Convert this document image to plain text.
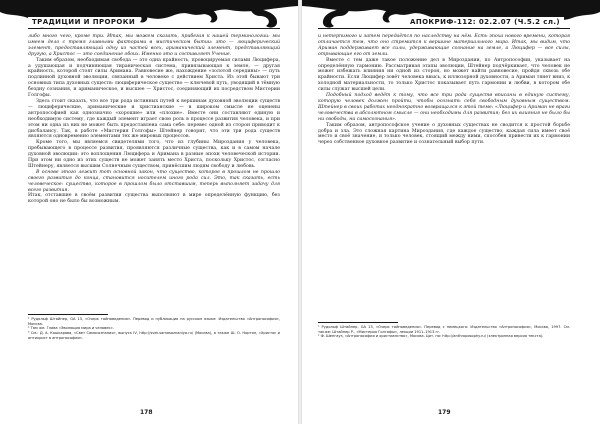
ТРАДИЦИИ И ПРОРОКИ

либо много чего, кроме три. Итак, мы можем сказать, прибегая к нашей терминологии: мы имеем дело с тремя главными факторами в мистическом бытии: это — люциферический элемент, предоставляющий одну из частей всех, ариманический элемент, представляющий другую, а Христос — это соединение обоих. Именно это и составляет Учение.

Таким образом, необходимая свобода — это одна крайность, провоцируемая силами Люцифера, а удушающая и подчиняющая тираническая система, привязывающая к земле, — другая крайность, которой стоят силы Аримана. Равновесие же, нахождение «золотой середины» — путь подлинной духовной эволюции, связанный в человеке с действием Христа. Из этой бывают три основных типа духовных существ: люциферическое существо — ключевой путь, уводящий в тёмную бездну сознания, и ариманическое, и высшее — Христос, соединяющий их посредством Мистерии Голгофы.

Здесь стоит сказать, что все три рода истинных путей к вершинам духовной эволюции существ — люциферические, ариманические и христианские — в широком смысле не оценены антропософией как однозначно «хорошие» или «плохие». Вместе они составляют единую и необходимую систему, где каждый элемент играет свою роль в процессе развития человека, и при этом ни одна из них не может быть предоставлена сама себе: перевес одной из сторон приводит к дисбалансу. Так, в работе «Мистерия Голгофы» Штейнер говорит, что эти три рода существ являются одновременно элементами тех же мировых процессов.

Кроме того, мы являемся свидетелями того, что из глубины Мироздания у человека, пребывающего в процессе развития, проявляются различные существа, как и в самом начале духовной эволюции: это воплощения Люцифера и Аримана в разные эпохи человеческой истории. При этом ни одно из этих существ не может занять место Христа, поскольку Христос, согласно Штейнеру, является высшим Солнечным существом, принёсшим людям свободу и любовь.

В основе этого лежит тот основной закон, что существо, которое в прошлом не прошло своего развития до конца, становится носителем иного рода сил. Это, так сказать, есть человеческое: существо, которое в прошлом было отставшим, теперь выполняет задачу для всего развития.

Итак, отставшие в своём развитии существа выполняют в мире определённую функцию, без которой оно не было бы возможным.

¹ Рудольф Штайнер, GA 13, «Очерк тайноведения». Перевод и публикация на русском языке: Издательство «Антропософия», Москва.

² Там же. Глава «Эволюция мира и человек».

³ См.: Д. А. Кошкарова, «Свет Самосознания», выпуск IV, http://svet-samosoznaniya.ru/ (Москва), а также Ш. О. Нортон, «Христос и антихрист в антропософии».

178
АПОКРИФ-112: 02.2.07 (Ч.5.2 сл.)

и нетерпимого и затем передаётся по наследству на нём. Есть эпоха нового времени, которая отличается тем, что оно стремится к вершине материального мира. Итак, мы видим, что Ариман поддерживает все силы, удерживающие сознание на земле, а Люцифер — все силы, отрывающие его от земли.

Вместе с тем даже такое положение дел в Мироздании, по Антропософии, указывает на определённую гармонию. Рассматривая этапы эволюции, Штейнер подчёркивает, что человек не может избежать влияния ни одной из сторон, но может найти равновесие, пройдя сквозь обе крайности. Если Люцифер зовёт человека ввысь, к иллюзорной духовности, а Ариман тянет вниз, к холодной материальности, то только Христос показывает путь гармонии и любви, в котором обе силы служат высшей цели.

Подобный подход ведёт к тому, что все три рода существ вписаны в единую систему, которую человек должен пройти, чтобы осознать себя свободным духовным существом. Штейнер в своих работах неоднократно возвращался к этой теме: «Люцифер и Ариман не враги человечества в абсолютном смысле — они необходимы для развития; без их влияния не было бы ни свободы, ни самосознания».

Таким образом, антропософское учение о духовных существах не сводится к простой борьбе добра и зла. Это сложная картина Мироздания, где каждое существо, каждая сила имеет своё место и своё значение, и только человек, стоящий между ними, способен привести их к гармонии через собственное духовное развитие и сознательный выбор пути.

¹ Рудольф Штайнер, GA 13, «Очерк тайноведения». Перевод с немецкого: Издательство «Антропософия», Москва, 1997. См. также: Штайнер Р., «Мистерия Голгофы», лекции 1911–1913 гг.

² Ф. Шенгауз, «Антропософия и христианство», Москва. Цит. по: http://anthroposophy.ru/ (электронная версия текста).

179
